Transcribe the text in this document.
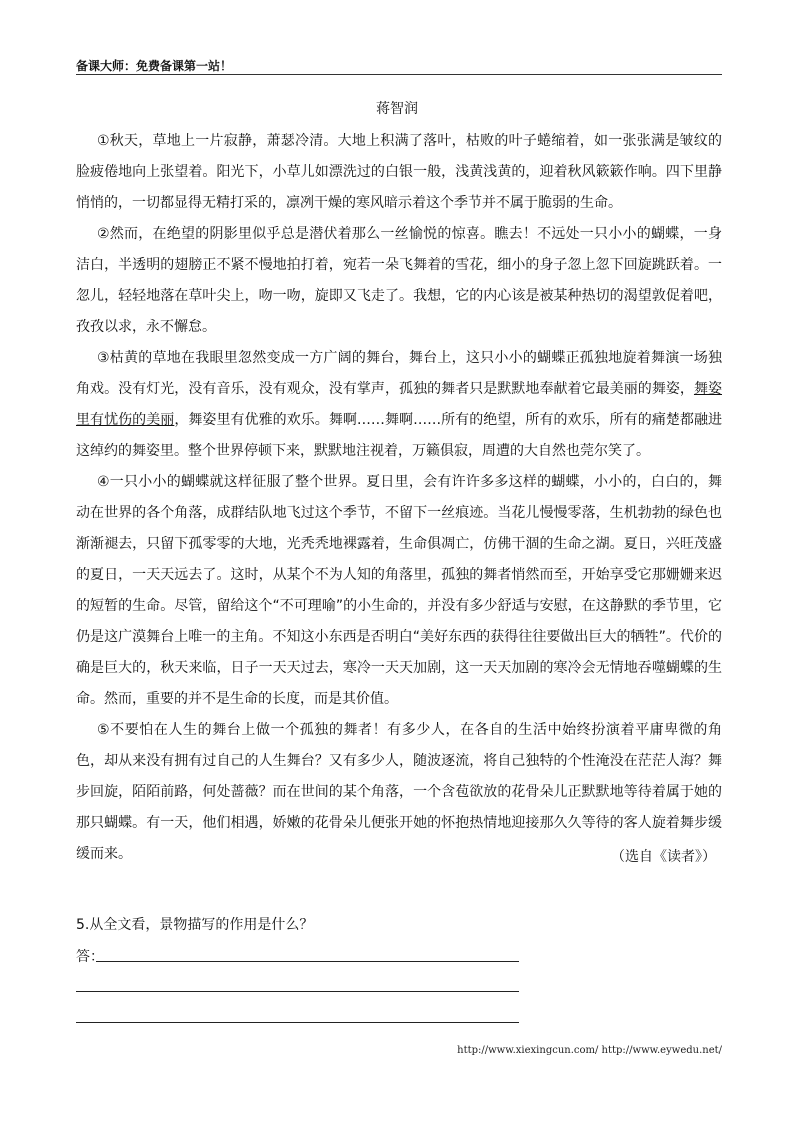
备课大师：免费备课第一站！
蒋智润

①秋天，草地上一片寂静，萧瑟冷清。大地上积满了落叶，枯败的叶子蜷缩着，如一张张满是皱纹的脸疲倦地向上张望着。阳光下，小草儿如漂洗过的白银一般，浅黄浅黄的，迎着秋风簌簌作响。四下里静悄悄的，一切都显得无精打采的，凛冽干燥的寒风暗示着这个季节并不属于脆弱的生命。

②然而，在绝望的阴影里似乎总是潜伏着那么一丝愉悦的惊喜。瞧去！不远处一只小小的蝴蝶，一身洁白，半透明的翅膀正不紧不慢地拍打着，宛若一朵飞舞着的雪花，细小的身子忽上忽下回旋跳跃着。一忽儿，轻轻地落在草叶尖上，吻一吻，旋即又飞走了。我想，它的内心该是被某种热切的渴望敦促着吧，孜孜以求，永不懈怠。

③枯黄的草地在我眼里忽然变成一方广阔的舞台，舞台上，这只小小的蝴蝶正孤独地旋着舞演一场独角戏。没有灯光，没有音乐，没有观众，没有掌声，孤独的舞者只是默默地奉献着它最美丽的舞姿，舞姿里有忧伤的美丽，舞姿里有优雅的欢乐。舞啊……舞啊……所有的绝望，所有的欢乐，所有的痛楚都融进这绰约的舞姿里。整个世界停顿下来，默默地注视着，万籁俱寂，周遭的大自然也莞尔笑了。

④一只小小的蝴蝶就这样征服了整个世界。夏日里，会有许许多多这样的蝴蝶，小小的，白白的，舞动在世界的各个角落，成群结队地飞过这个季节，不留下一丝痕迹。当花儿慢慢零落，生机勃勃的绿色也渐渐褪去，只留下孤零零的大地，光秃秃地裸露着，生命俱凋亡，仿佛干涸的生命之湖。夏日，兴旺茂盛的夏日，一天天远去了。这时，从某个不为人知的角落里，孤独的舞者悄然而至，开始享受它那姗姗来迟的短暂的生命。尽管，留给这个“不可理喻”的小生命的，并没有多少舒适与安慰，在这静默的季节里，它仍是这广漠舞台上唯一的主角。不知这小东西是否明白“美好东西的获得往往要做出巨大的牺牲”。代价的确是巨大的，秋天来临，日子一天天过去，寒冷一天天加剧，这一天天加剧的寒冷会无情地吞噬蝴蝶的生命。然而，重要的并不是生命的长度，而是其价值。

⑤不要怕在人生的舞台上做一个孤独的舞者！有多少人，在各自的生活中始终扮演着平庸卑微的角色，却从来没有拥有过自己的人生舞台？又有多少人，随波逐流，将自己独特的个性淹没在茫茫人海？舞步回旋，陌陌前路，何处蔷薇？而在世间的某个角落，一个含苞欲放的花骨朵儿正默默地等待着属于她的那只蝴蝶。有一天，他们相遇，娇嫩的花骨朵儿便张开她的怀抱热情地迎接那久久等待的客人旋着舞步缓缓而来。	（选自《读者》）
5.从全文看，景物描写的作用是什么？
答：
http://www.xiexingcun.com/ http://www.eywedu.net/
